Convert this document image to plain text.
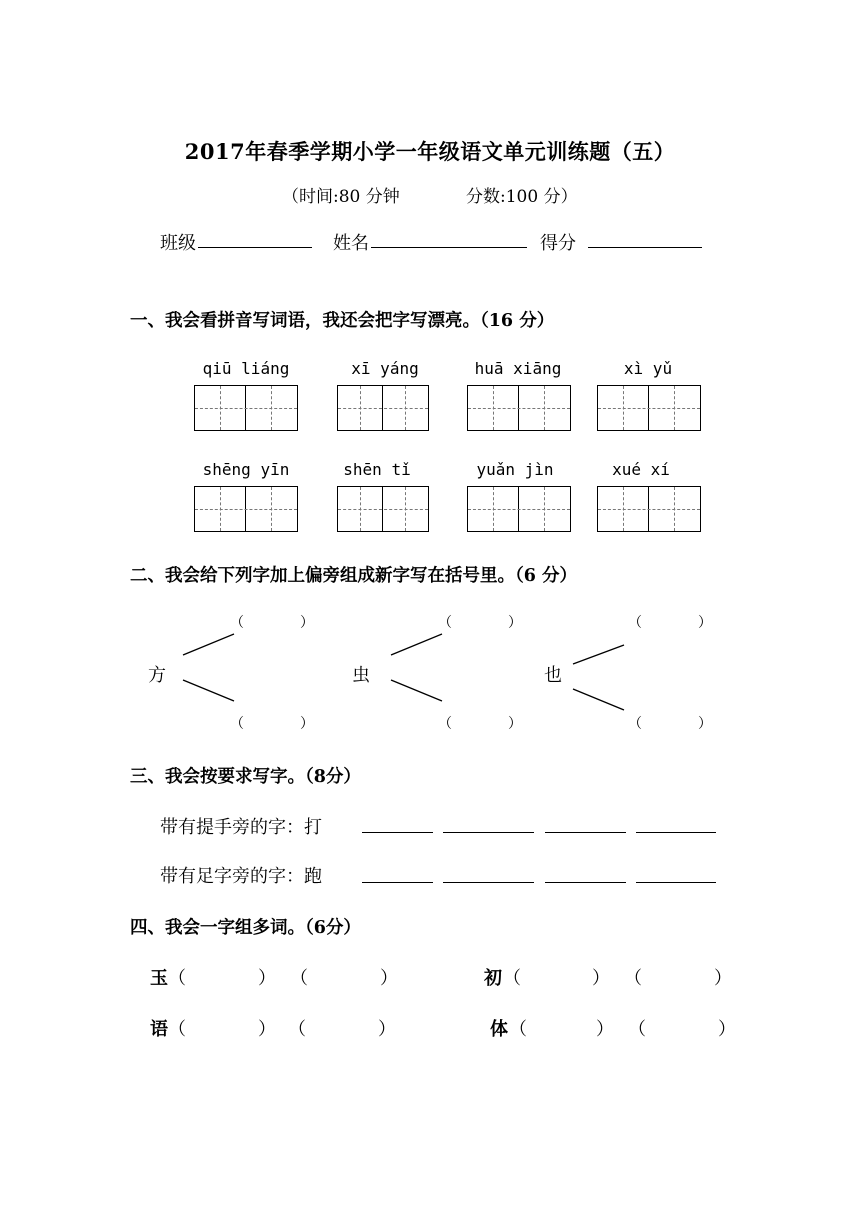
2017年春季学期小学一年级语文单元训练题（五）
（时间:80 分钟	分数:100 分）
班级	姓名	得分
一、我会看拼音写词语，我还会把字写漂亮。（16 分）
qiū liáng	xī yáng	huā xiāng	xì yǔ
shēng yīn	shēn tǐ	yuǎn jìn	xué xí
二、我会给下列字加上偏旁组成新字写在括号里。（6 分）
方	虫	也
（	）
（	）
（	）
（	）
（	）
（	）
三、我会按要求写字。（8分）
带有提手旁的字：打
带有足字旁的字：跑
四、我会一字组多词。（6分）
玉 （	） （	）	初 （	） （	）
语 （	） （	）	体 （	） （	）
